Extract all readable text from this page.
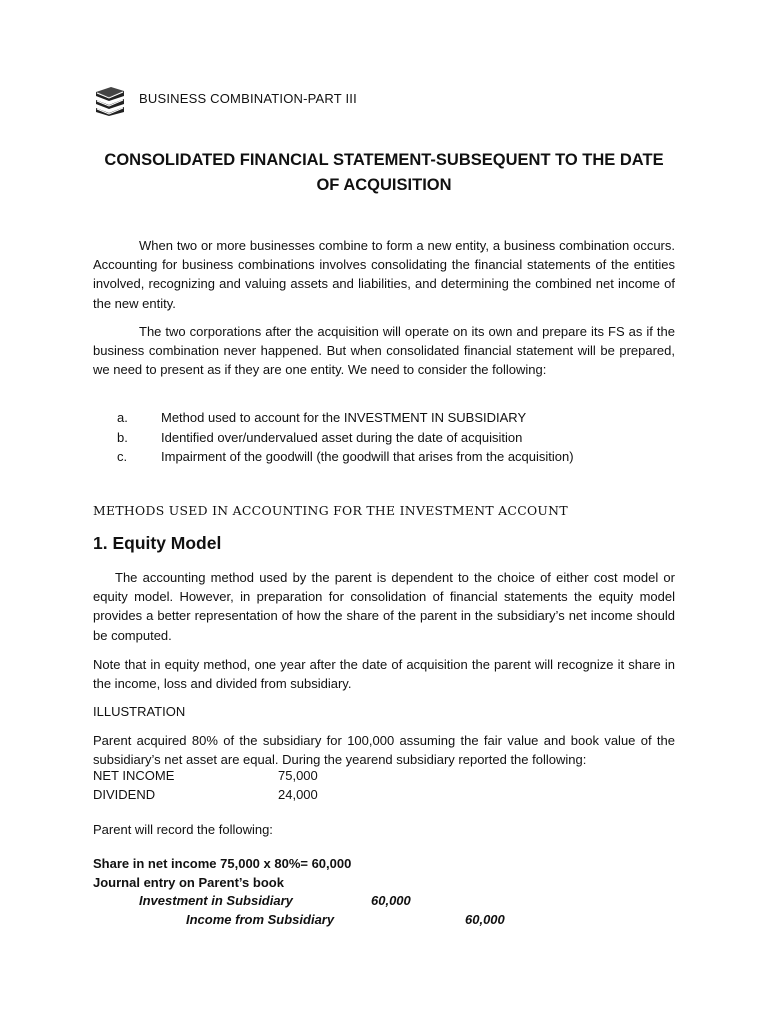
BUSINESS COMBINATION-PART III
CONSOLIDATED FINANCIAL STATEMENT-SUBSEQUENT TO THE DATE
OF ACQUISITION

When two or more businesses combine to form a new entity, a business combination occurs. Accounting for business combinations involves consolidating the financial statements of the entities involved, recognizing and valuing assets and liabilities, and determining the combined net income of the new entity.

The two corporations after the acquisition will operate on its own and prepare its FS as if the business combination never happened. But when consolidated financial statement will be prepared, we need to present as if they are one entity. We need to consider the following:

a.	Method used to account for the INVESTMENT IN SUBSIDIARY
b.	Identified over/undervalued asset during the date of acquisition
c.	Impairment of the goodwill (the goodwill that arises from the acquisition)
METHODS USED IN ACCOUNTING FOR THE INVESTMENT ACCOUNT
1. Equity Model

The accounting method used by the parent is dependent to the choice of either cost model or equity model. However, in preparation for consolidation of financial statements the equity model provides a better representation of how the share of the parent in the subsidiary’s net income should be computed.

Note that in equity method, one year after the date of acquisition the parent will recognize it share in the income, loss and divided from subsidiary.

ILLUSTRATION

Parent acquired 80% of the subsidiary for 100,000 assuming the fair value and book value of the subsidiary’s net asset are equal. During the yearend subsidiary reported the following:

NET INCOME	75,000
DIVIDEND	24,000
Parent will record the following:
Share in net income 75,000 x 80%= 60,000
Journal entry on Parent’s book
Investment in Subsidiary	60,000
Income from Subsidiary	60,000
